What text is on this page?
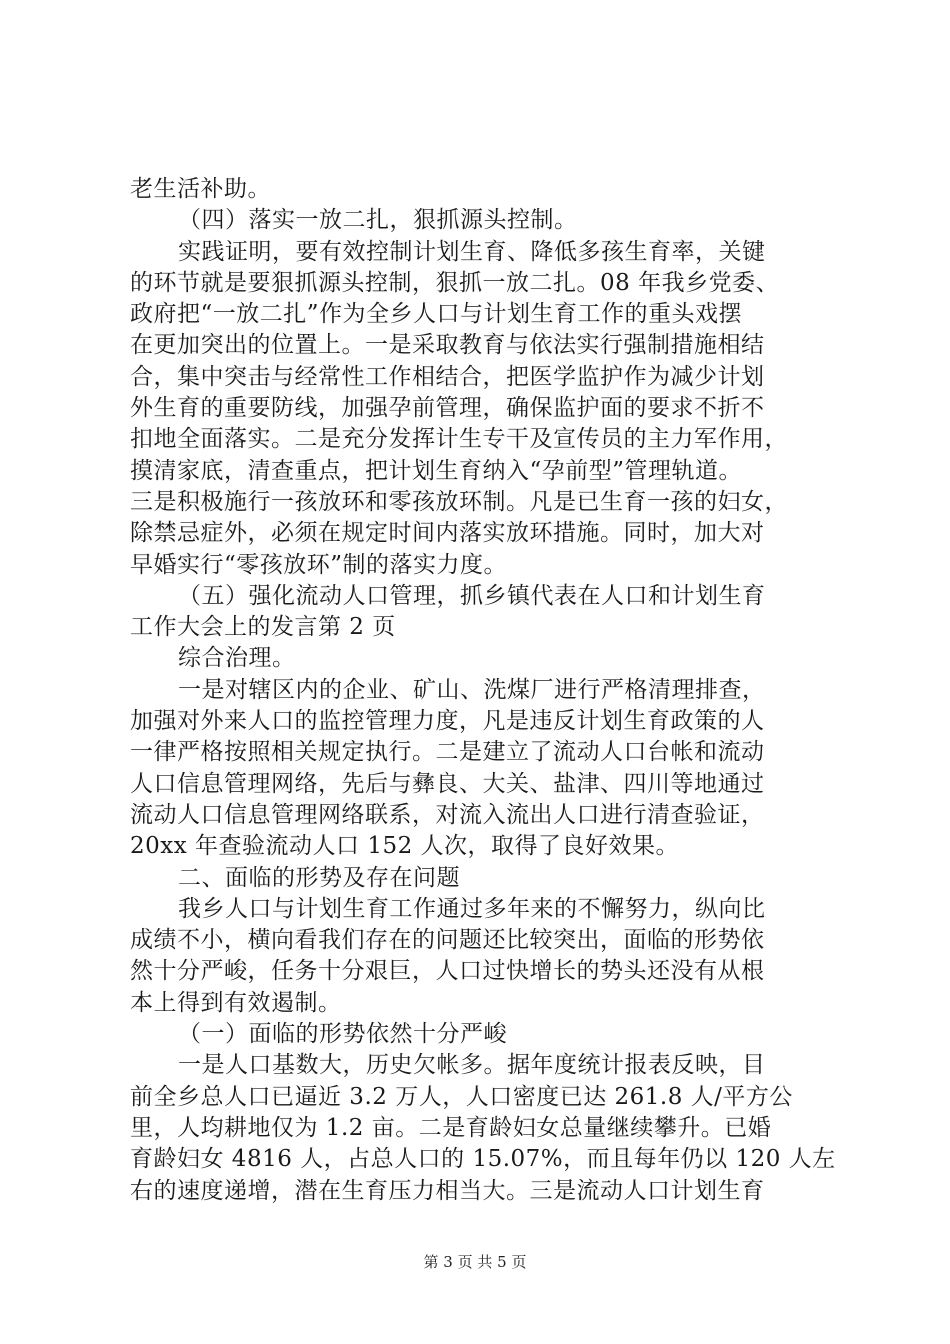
老生活补助。
（四）落实一放二扎，狠抓源头控制。
实践证明，要有效控制计划生育、降低多孩生育率，关键
的环节就是要狠抓源头控制，狠抓一放二扎。08 年我乡党委、
政府把“一放二扎”作为全乡人口与计划生育工作的重头戏摆
在更加突出的位置上。一是采取教育与依法实行强制措施相结
合，集中突击与经常性工作相结合，把医学监护作为减少计划
外生育的重要防线，加强孕前管理，确保监护面的要求不折不
扣地全面落实。二是充分发挥计生专干及宣传员的主力军作用，
摸清家底，清查重点，把计划生育纳入“孕前型”管理轨道。
三是积极施行一孩放环和零孩放环制。凡是已生育一孩的妇女，
除禁忌症外，必须在规定时间内落实放环措施。同时，加大对
早婚实行“零孩放环”制的落实力度。
（五）强化流动人口管理，抓乡镇代表在人口和计划生育
工作大会上的发言第 2 页
综合治理。
一是对辖区内的企业、矿山、洗煤厂进行严格清理排查，
加强对外来人口的监控管理力度，凡是违反计划生育政策的人
一律严格按照相关规定执行。二是建立了流动人口台帐和流动
人口信息管理网络，先后与彝良、大关、盐津、四川等地通过
流动人口信息管理网络联系，对流入流出人口进行清查验证，
20xx 年查验流动人口 152 人次，取得了良好效果。
二、面临的形势及存在问题
我乡人口与计划生育工作通过多年来的不懈努力，纵向比
成绩不小，横向看我们存在的问题还比较突出，面临的形势依
然十分严峻，任务十分艰巨，人口过快增长的势头还没有从根
本上得到有效遏制。
（一）面临的形势依然十分严峻
一是人口基数大，历史欠帐多。据年度统计报表反映，目
前全乡总人口已逼近 3.2 万人，人口密度已达 261.8 人/平方公
里，人均耕地仅为 1.2 亩。二是育龄妇女总量继续攀升。已婚
育龄妇女 4816 人，占总人口的 15.07%，而且每年仍以 120 人左
右的速度递增，潜在生育压力相当大。三是流动人口计划生育
第 3 页 共 5 页
